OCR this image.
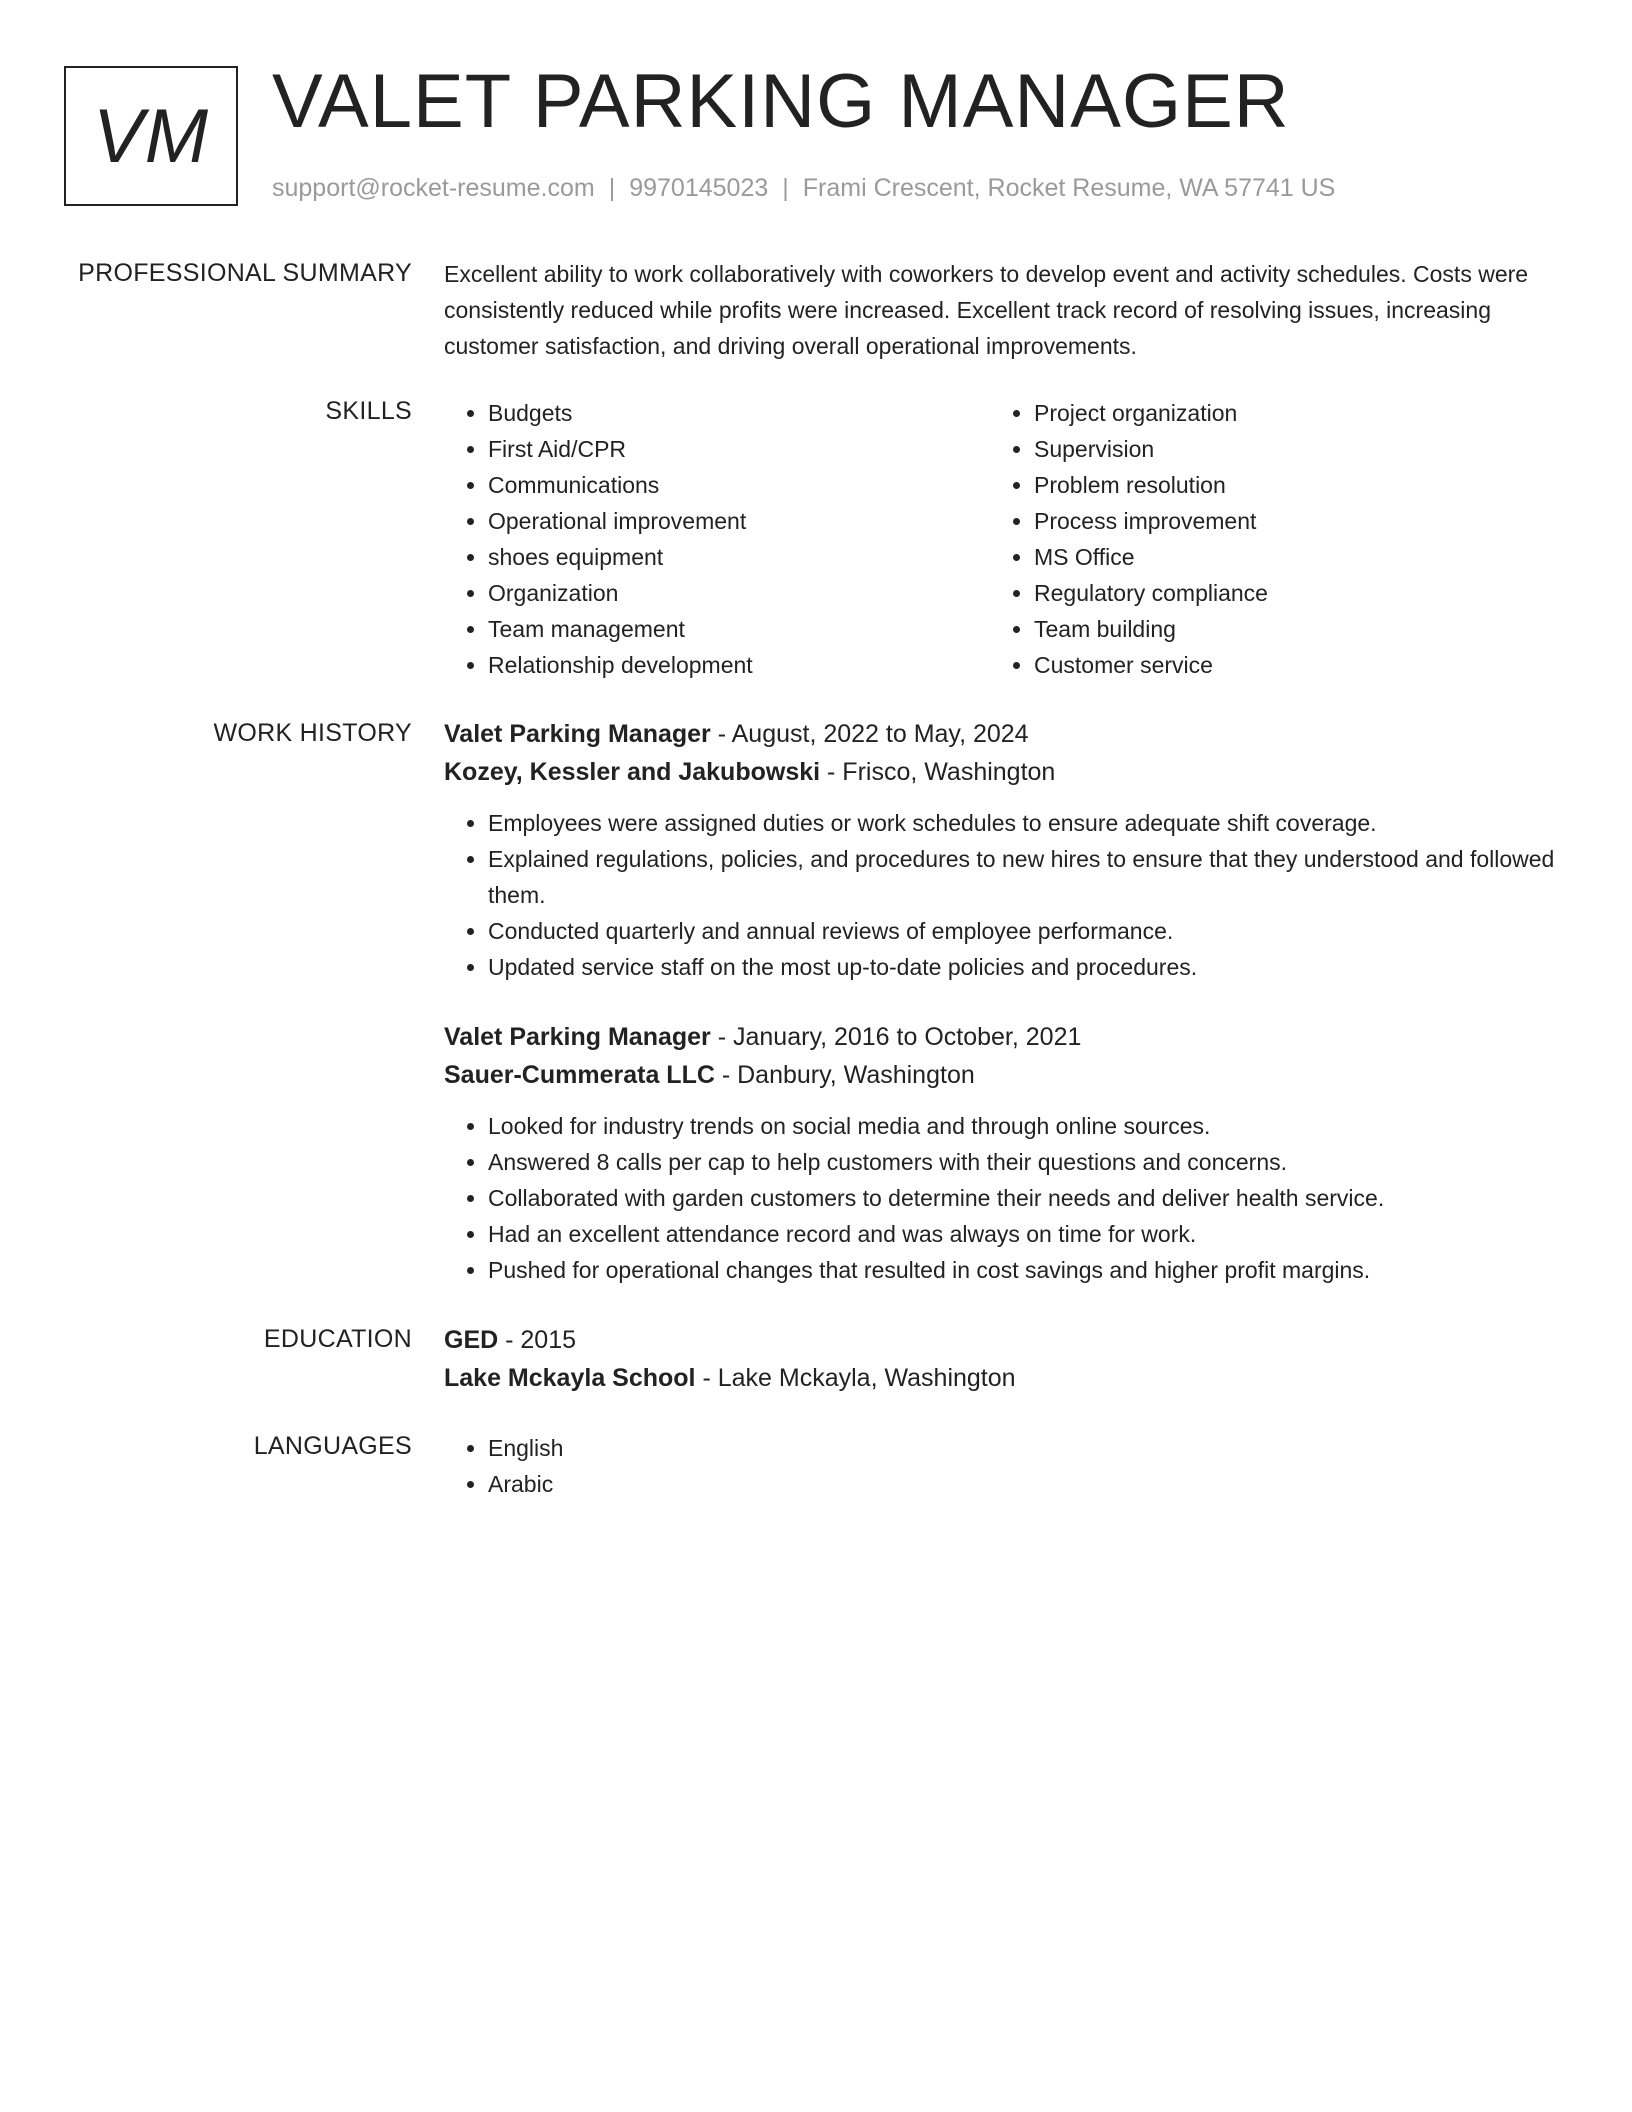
VM VALET PARKING MANAGER
support@rocket-resume.com | 9970145023 | Frami Crescent, Rocket Resume, WA 57741 US
PROFESSIONAL SUMMARY Excellent ability to work collaboratively with coworkers to develop event and activity schedules. Costs were consistently reduced while profits were increased. Excellent track record of resolving issues, increasing customer satisfaction, and driving overall operational improvements.

SKILLS	• Budgets
• First Aid/CPR
• Communications
• Operational improvement
• shoes equipment
• Organization
• Team management
• Relationship development
• Project organization
• Supervision
• Problem resolution
• Process improvement
• MS Office
• Regulatory compliance
• Team building
• Customer service
WORK HISTORY Valet Parking Manager - August, 2022 to May, 2024
Kozey, Kessler and Jakubowski - Frisco, Washington
• Employees were assigned duties or work schedules to ensure adequate shift coverage.
• Explained regulations, policies, and procedures to new hires to ensure that they understood and followed them.
• Conducted quarterly and annual reviews of employee performance.
• Updated service staff on the most up-to-date policies and procedures.
Valet Parking Manager - January, 2016 to October, 2021
Sauer-Cummerata LLC - Danbury, Washington
• Looked for industry trends on social media and through online sources.
• Answered 8 calls per cap to help customers with their questions and concerns.
• Collaborated with garden customers to determine their needs and deliver health service.
• Had an excellent attendance record and was always on time for work.
• Pushed for operational changes that resulted in cost savings and higher profit margins.
EDUCATION GED - 2015
Lake Mckayla School - Lake Mckayla, Washington
LANGUAGES	• English
• Arabic
